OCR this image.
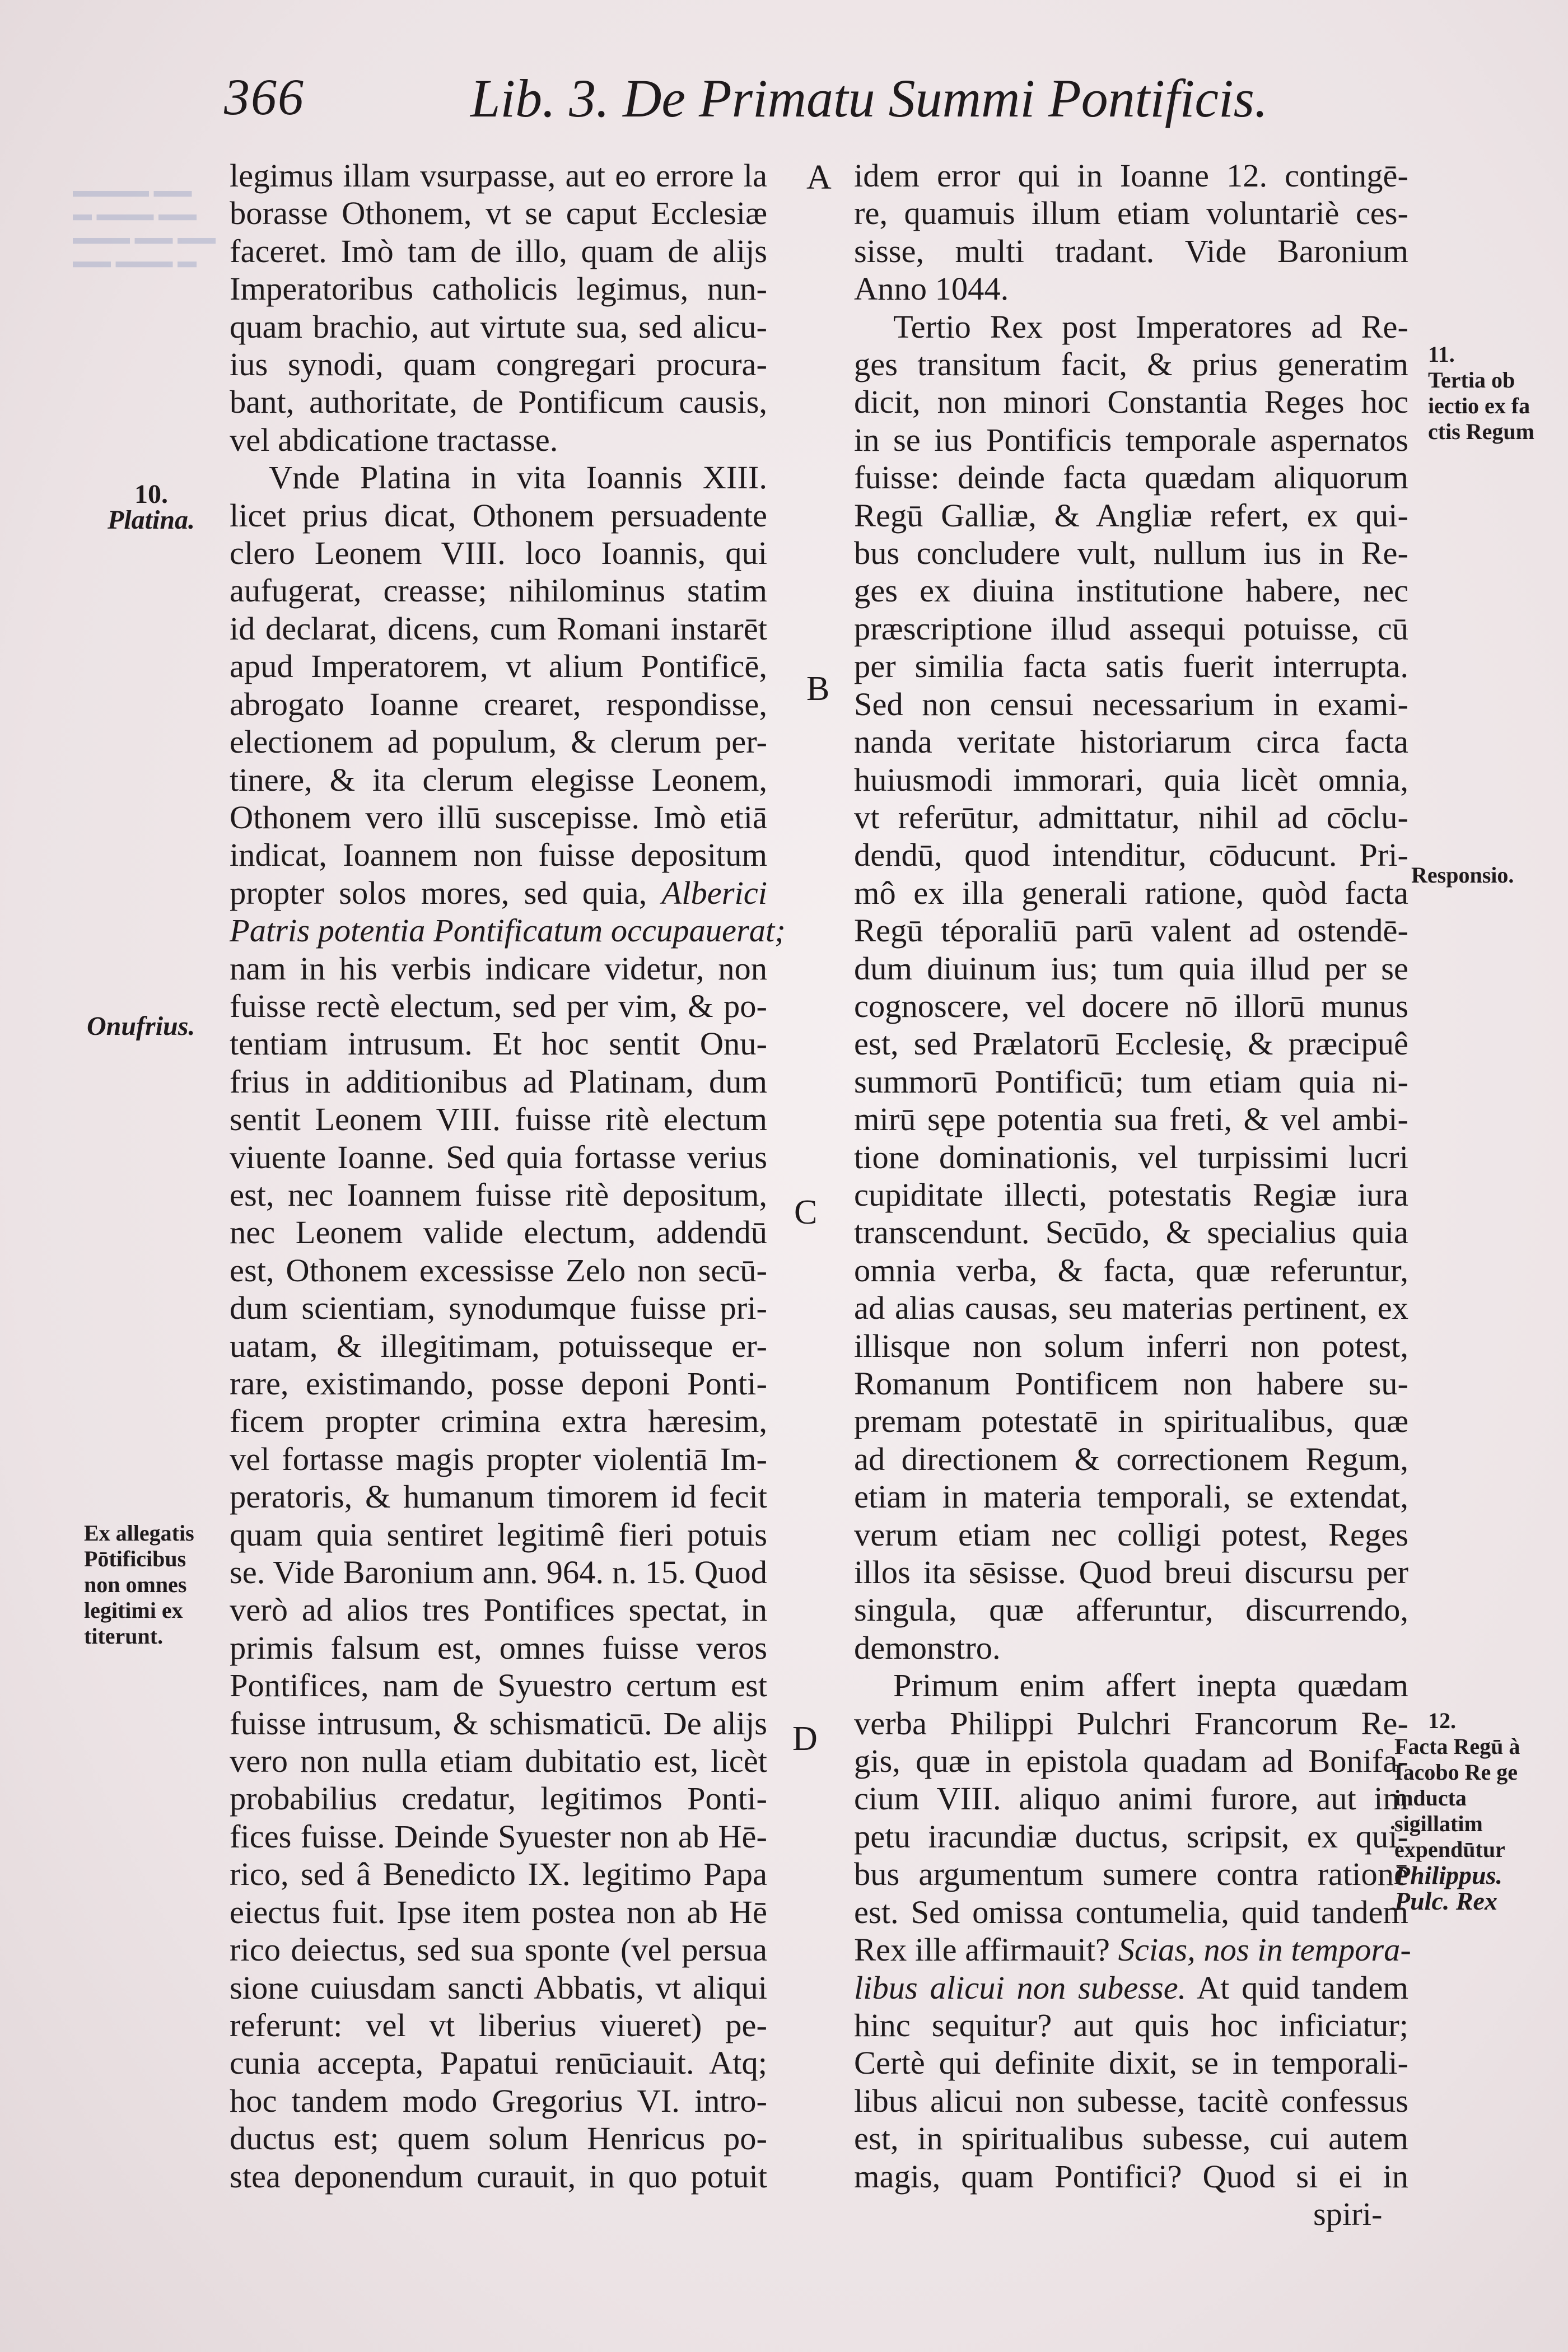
▬▬ ▬▬▬ ▬
▬▬▬ ▬▬ ▬▬
▬ ▬▬▬ ▬▬
▬▬▬▬ ▬▬
366	Lib. 3. De Primatu Summi Pontificis.

legimus illam vsurpasse, aut eo errore la
borasse Othonem, vt se caput Ecclesiæ
faceret. Imò tam de illo, quam de alijs
Imperatoribus catholicis legimus, nun-
quam brachio, aut virtute sua, sed alicu-
ius synodi, quam congregari procura-
bant, authoritate, de Pontificum causis,
vel abdicatione tractasse.

Vnde Platina in vita Ioannis XIII.
licet prius dicat, Othonem persuadente
clero Leonem VIII. loco Ioannis, qui
aufugerat, creasse; nihilominus statim
id declarat, dicens, cum Romani instarēt
apud Imperatorem, vt alium Pontificē,
abrogato Ioanne crearet, respondisse,
electionem ad populum, & clerum per-
tinere, & ita clerum elegisse Leonem,
Othonem vero illū suscepisse. Imò etiā
indicat, Ioannem non fuisse depositum
propter solos mores, sed quia, Alberici
Patris potentia Pontificatum occupauerat;
nam in his verbis indicare videtur, non
fuisse rectè electum, sed per vim, & po-
tentiam intrusum. Et hoc sentit Onu-
frius in additionibus ad Platinam, dum
sentit Leonem VIII. fuisse ritè electum
viuente Ioanne. Sed quia fortasse verius
est, nec Ioannem fuisse ritè depositum,
nec Leonem valide electum, addendū
est, Othonem excessisse Zelo non secū-
dum scientiam, synodumque fuisse pri-
uatam, & illegitimam, potuisseque er-
rare, existimando, posse deponi Ponti-
ficem propter crimina extra hæresim,
vel fortasse magis propter violentiā Im-
peratoris, & humanum timorem id fecit
quam quia sentiret legitimê fieri potuis
se. Vide Baronium ann. 964. n. 15. Quod
verò ad alios tres Pontifices spectat, in
primis falsum est, omnes fuisse veros
Pontifices, nam de Syuestro certum est
fuisse intrusum, & schismaticū. De alijs
vero non nulla etiam dubitatio est, licèt
probabilius credatur, legitimos Ponti-
fices fuisse. Deinde Syuester non ab Hē-
rico, sed â Benedicto IX. legitimo Papa
eiectus fuit. Ipse item postea non ab Hē
rico deiectus, sed sua sponte (vel persua
sione cuiusdam sancti Abbatis, vt aliqui
referunt: vel vt liberius viueret) pe-
cunia accepta, Papatui renūciauit. Atq;
hoc tandem modo Gregorius VI. intro-
ductus est; quem solum Henricus po-
stea deponendum curauit, in quo potuit

idem error qui in Ioanne 12. contingē-
re, quamuis illum etiam voluntariè ces-
sisse, multi tradant. Vide Baronium
Anno 1044.

Tertio Rex post Imperatores ad Re-
ges transitum facit, & prius generatim
dicit, non minori Constantia Reges hoc
in se ius Pontificis temporale aspernatos
fuisse: deinde facta quædam aliquorum
Regū Galliæ, & Angliæ refert, ex qui-
bus concludere vult, nullum ius in Re-
ges ex diuina institutione habere, nec
præscriptione illud assequi potuisse, cū
per similia facta satis fuerit interrupta.
Sed non censui necessarium in exami-
nanda veritate historiarum circa facta
huiusmodi immorari, quia licèt omnia,
vt referūtur, admittatur, nihil ad cōclu-
dendū, quod intenditur, cōducunt. Pri-
mô ex illa generali ratione, quòd facta
Regū téporaliū parū valent ad ostendē-
dum diuinum ius; tum quia illud per se
cognoscere, vel docere nō illorū munus
est, sed Prælatorū Ecclesię, & præcipuê
summorū Pontificū; tum etiam quia ni-
mirū sępe potentia sua freti, & vel ambi-
tione dominationis, vel turpissimi lucri
cupiditate illecti, potestatis Regiæ iura
transcendunt. Secūdo, & specialius quia
omnia verba, & facta, quæ referuntur,
ad alias causas, seu materias pertinent, ex
illisque non solum inferri non potest,
Romanum Pontificem non habere su-
premam potestatē in spiritualibus, quæ
ad directionem & correctionem Regum,
etiam in materia temporali, se extendat,
verum etiam nec colligi potest, Reges
illos ita sēsisse. Quod breui discursu per
singula, quæ afferuntur, discurrendo,
demonstro.

Primum enim affert inepta quædam
verba Philippi Pulchri Francorum Re-
gis, quæ in epistola quadam ad Bonifa-
cium VIII. aliquo animi furore, aut im
petu iracundiæ ductus, scripsit, ex qui-
bus argumentum sumere contra rationē
est. Sed omissa contumelia, quid tandem
Rex ille affirmauit? Scias, nos in tempora-
libus alicui non subesse. At quid tandem
hinc sequitur? aut quis hoc inficiatur;
Certè qui definite dixit, se in temporali-
libus alicui non subesse, tacitè confessus
est, in spiritualibus subesse, cui autem
magis, quam Pontifici? Quod si ei in
spiri-

A
B
C
D
10.
Platina.
Onufrius.
Ex allegatis Pōtificibus non omnes legitimi ex titerunt.
11.
Tertia ob iectio ex fa ctis Regum
Responsio.
12.
Facta Regū à Iacobo Re ge inducta sigillatim expendūtur
Philippus. Pulc. Rex
